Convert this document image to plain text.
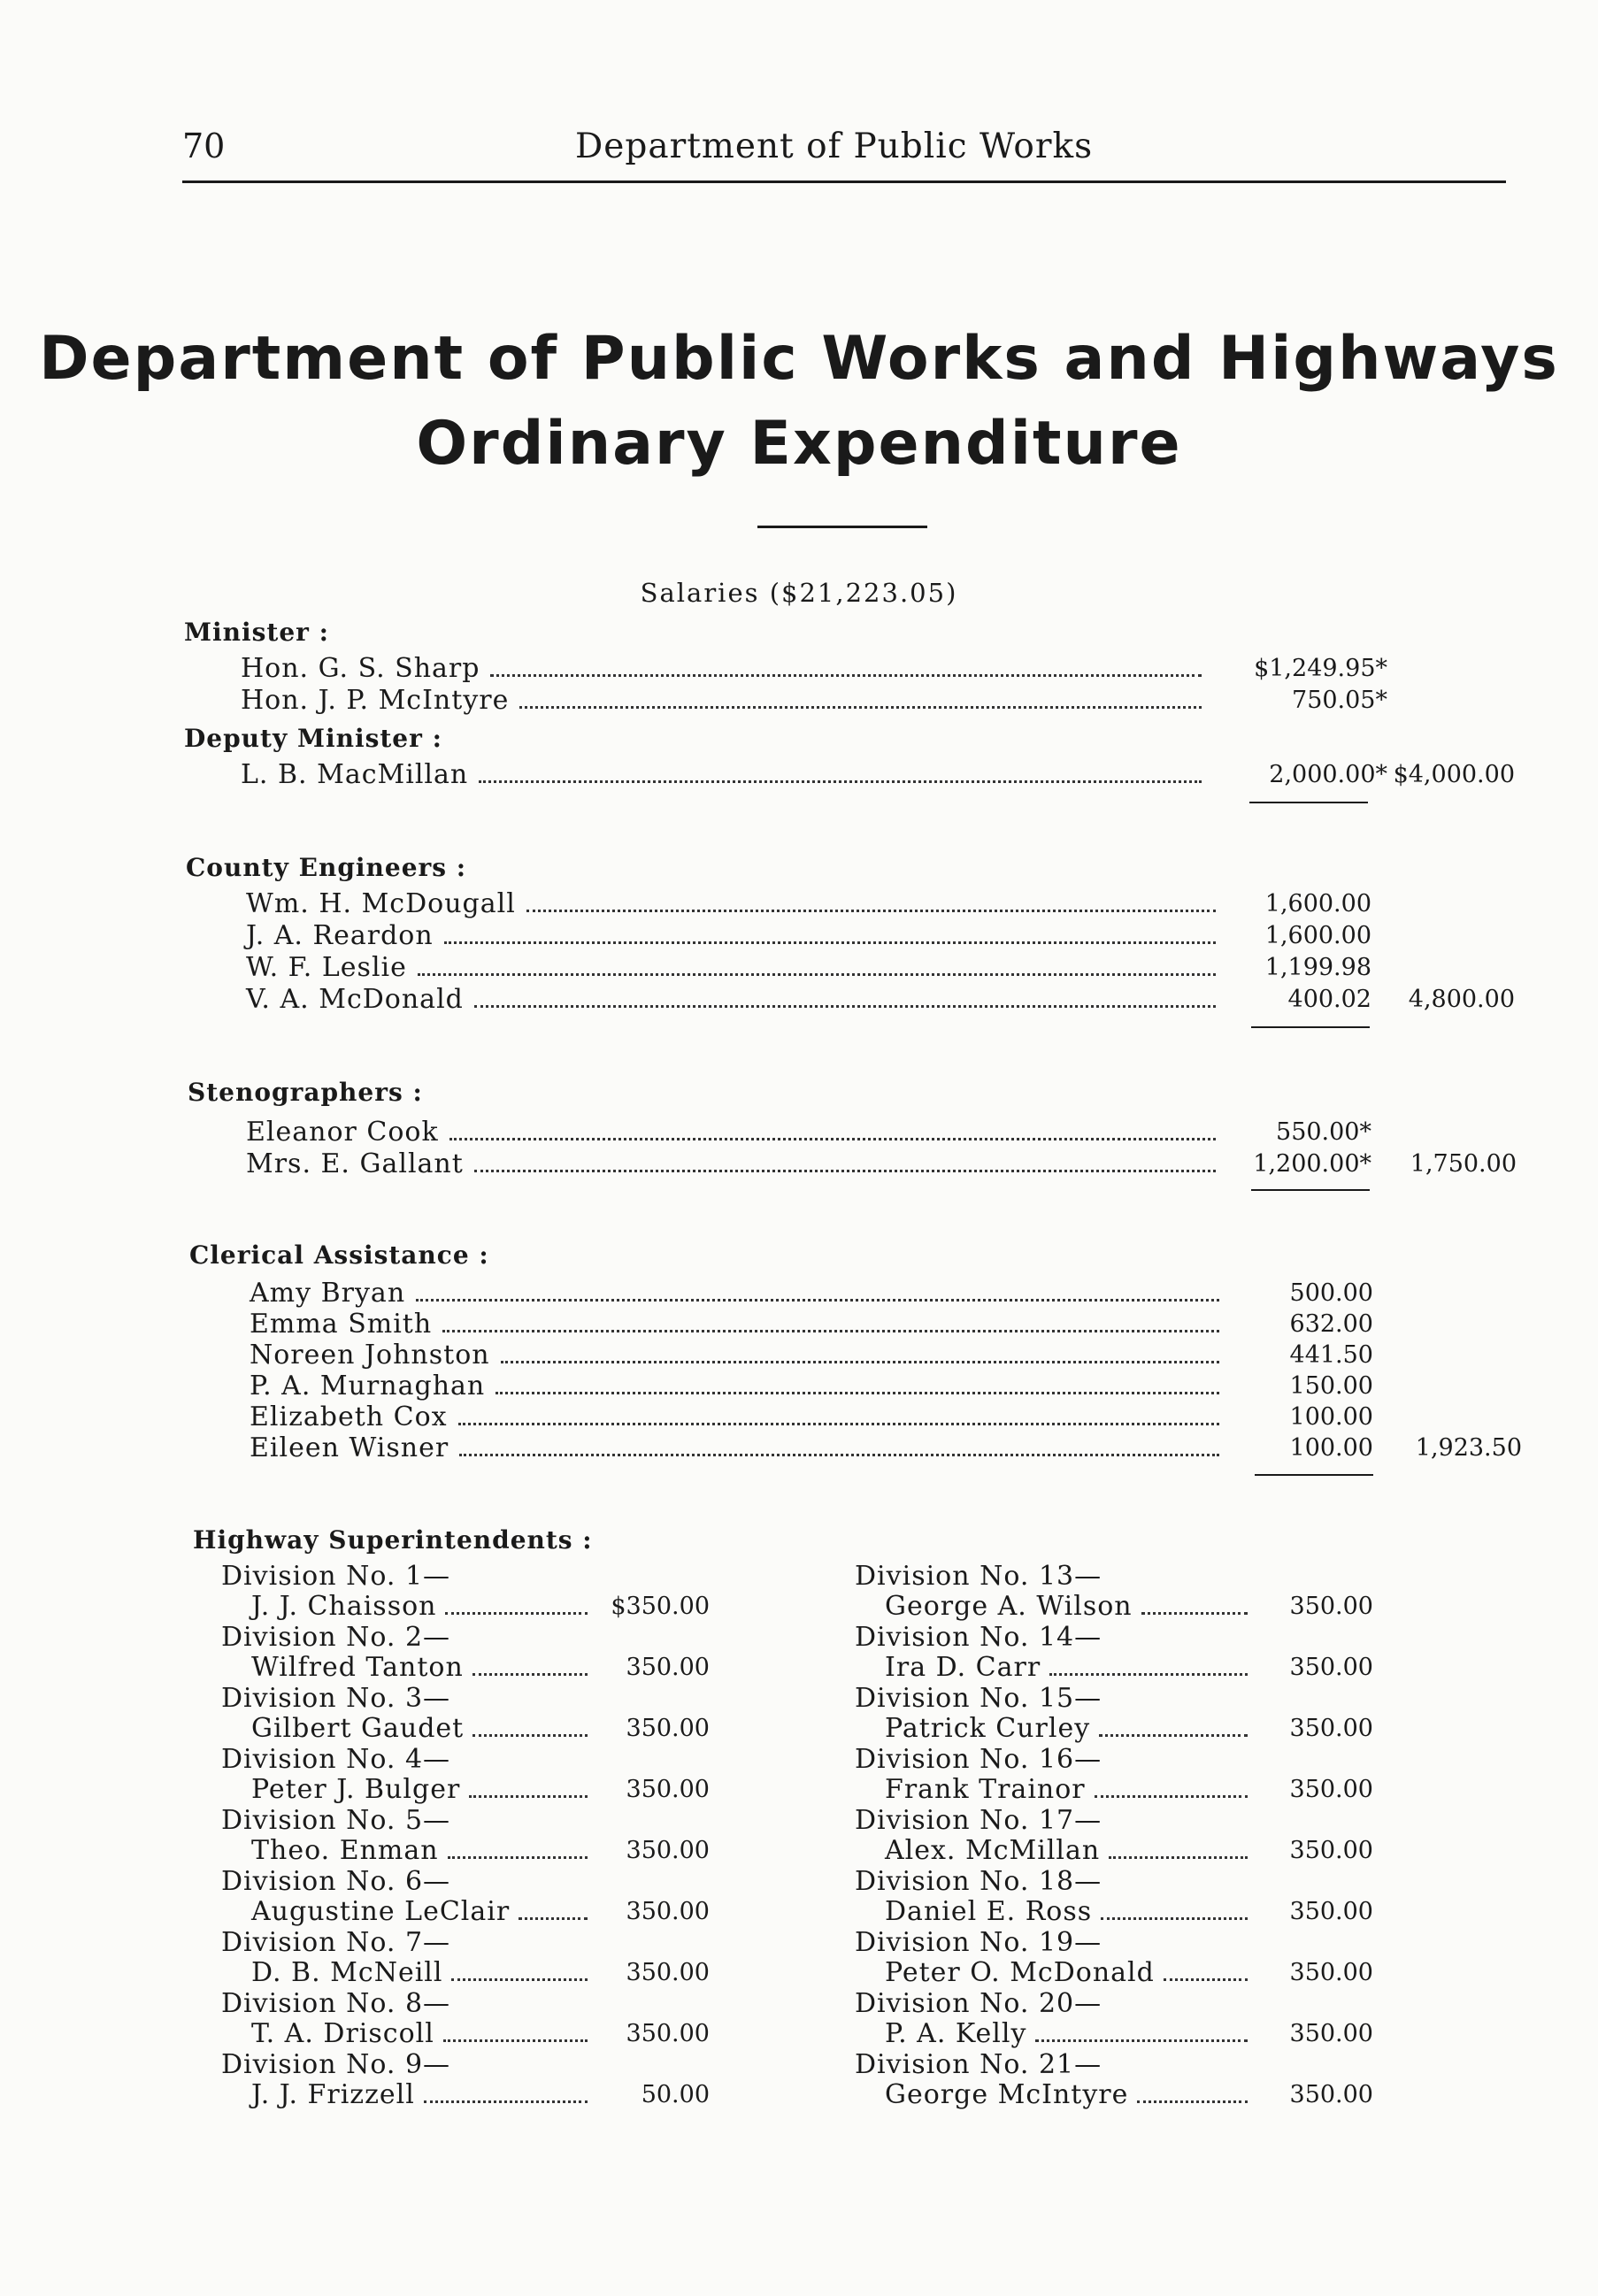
70	Department of Public Works
Department of Public Works and Highways
Ordinary Expenditure
Salaries ($21,223.05)
Minister :
Hon. G. S. Sharp	$1,249.95*
Hon. J. P. McIntyre	750.05*
Deputy Minister :
L. B. MacMillan	2,000.00* $4,000.00
County Engineers :
Wm. H. McDougall	1,600.00
J. A. Reardon	1,600.00
W. F. Leslie	1,199.98
V. A. McDonald	400.02	4,800.00
Stenographers :
Eleanor Cook	550.00*
Mrs. E. Gallant	1,200.00*	1,750.00
Clerical Assistance :
Amy Bryan	500.00
Emma Smith	632.00
Noreen Johnston	441.50
P. A. Murnaghan	150.00
Elizabeth Cox	100.00
Eileen Wisner	100.00	1,923.50
Highway Superintendents :
Division No. 1—
J. J. Chaisson	$350.00
Division No. 2—
Wilfred Tanton	350.00
Division No. 3—
Gilbert Gaudet	350.00
Division No. 4—
Peter J. Bulger	350.00
Division No. 5—
Theo. Enman	350.00
Division No. 6—
Augustine LeClair	350.00
Division No. 7—
D. B. McNeill	350.00
Division No. 8—
T. A. Driscoll	350.00
Division No. 9—
J. J. Frizzell	50.00
Division No. 13—
George A. Wilson	350.00
Division No. 14—
Ira D. Carr	350.00
Division No. 15—
Patrick Curley	350.00
Division No. 16—
Frank Trainor	350.00
Division No. 17—
Alex. McMillan	350.00
Division No. 18—
Daniel E. Ross	350.00
Division No. 19—
Peter O. McDonald	350.00
Division No. 20—
P. A. Kelly	350.00
Division No. 21—
George McIntyre	350.00
